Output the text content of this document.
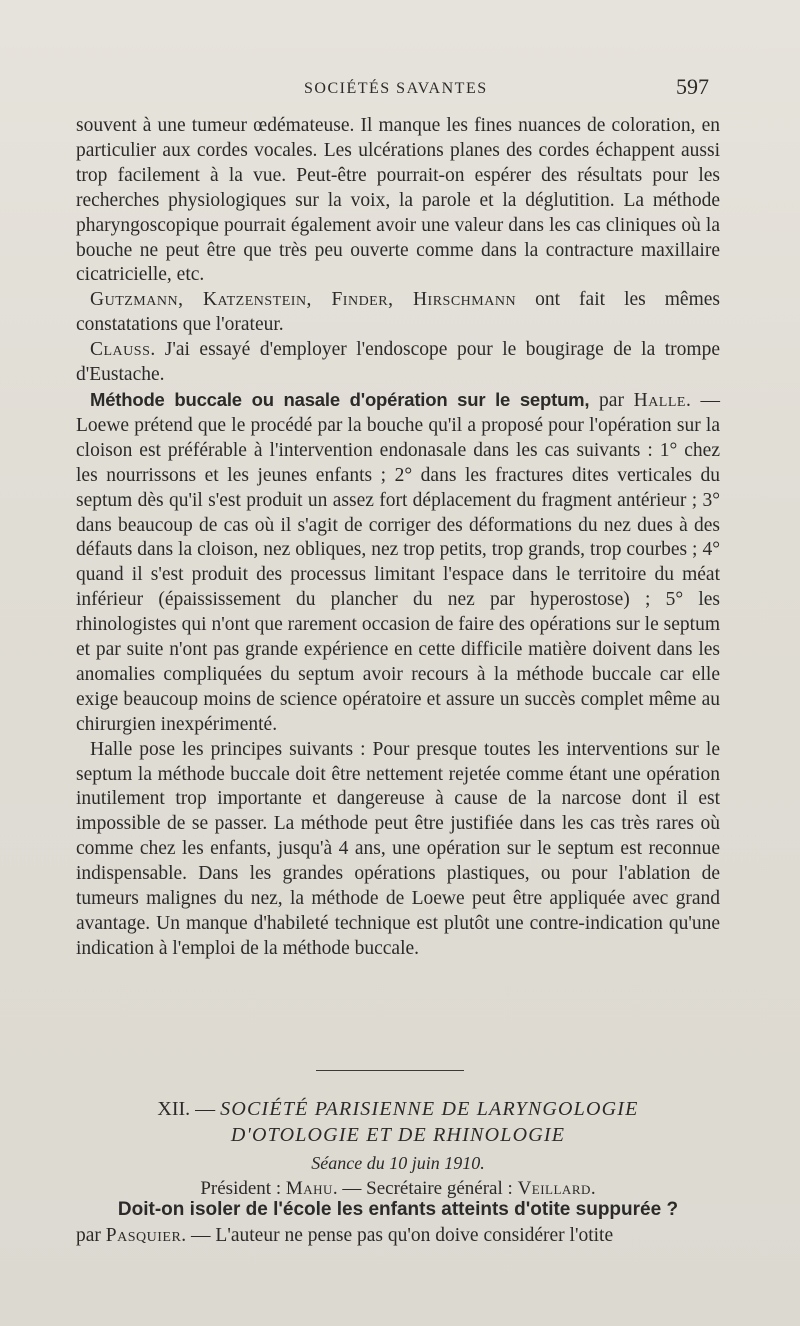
SOCIÉTÉS SAVANTES	597

souvent à une tumeur œdémateuse. Il manque les fines nuances de coloration, en particulier aux cordes vocales. Les ulcérations planes des cordes échappent aussi trop facilement à la vue. Peut-être pourrait-on espérer des résultats pour les recherches physiologiques sur la voix, la parole et la déglutition. La méthode pharyngoscopique pourrait également avoir une valeur dans les cas cliniques où la bouche ne peut être que très peu ouverte comme dans la contracture maxillaire cicatricielle, etc.

Gutzmann, Katzenstein, Finder, Hirschmann ont fait les mêmes constatations que l'orateur.

Clauss. J'ai essayé d'employer l'endoscope pour le bougirage de la trompe d'Eustache.

Méthode buccale ou nasale d'opération sur le septum, par Halle. — Loewe prétend que le procédé par la bouche qu'il a proposé pour l'opération sur la cloison est préférable à l'intervention endonasale dans les cas suivants : 1° chez les nourrissons et les jeunes enfants ; 2° dans les fractures dites verticales du septum dès qu'il s'est produit un assez fort déplacement du fragment antérieur ; 3° dans beaucoup de cas où il s'agit de corriger des déformations du nez dues à des défauts dans la cloison, nez obliques, nez trop petits, trop grands, trop courbes ; 4° quand il s'est produit des processus limitant l'espace dans le territoire du méat inférieur (épaississement du plancher du nez par hyperostose) ; 5° les rhinologistes qui n'ont que rarement occasion de faire des opérations sur le septum et par suite n'ont pas grande expérience en cette difficile matière doivent dans les anomalies compliquées du septum avoir recours à la méthode buccale car elle exige beaucoup moins de science opératoire et assure un succès complet même au chirurgien inexpérimenté.

Halle pose les principes suivants : Pour presque toutes les interventions sur le septum la méthode buccale doit être nettement rejetée comme étant une opération inutilement trop importante et dangereuse à cause de la narcose dont il est impossible de se passer. La méthode peut être justifiée dans les cas très rares où comme chez les enfants, jusqu'à 4 ans, une opération sur le septum est reconnue indispensable. Dans les grandes opérations plastiques, ou pour l'ablation de tumeurs malignes du nez, la méthode de Loewe peut être appliquée avec grand avantage. Un manque d'habileté technique est plutôt une contre-indication qu'une indication à l'emploi de la méthode buccale.

XII. — SOCIÉTÉ PARISIENNE DE LARYNGOLOGIE
D'OTOLOGIE ET DE RHINOLOGIE
Séance du 10 juin 1910.
Président : Mahu. — Secrétaire général : Veillard.
Doit-on isoler de l'école les enfants atteints d'otite suppurée ?
par Pasquier. — L'auteur ne pense pas qu'on doive considérer l'otite
